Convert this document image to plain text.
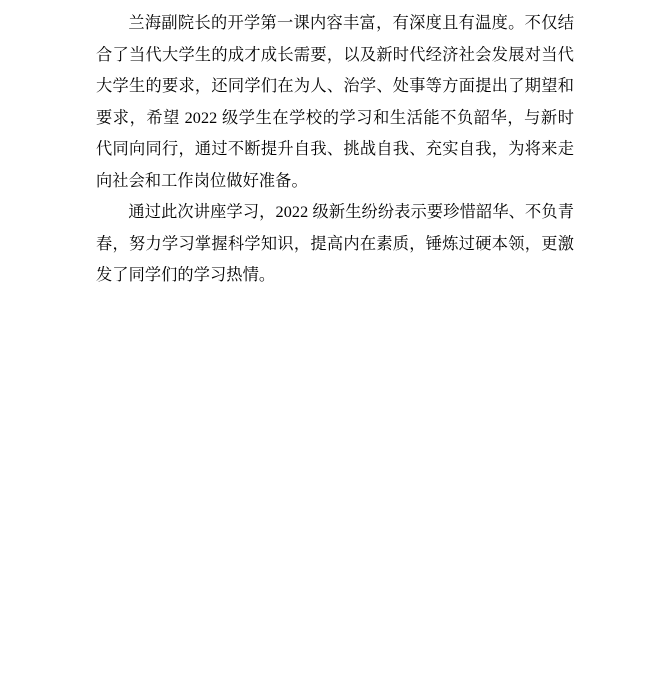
兰海副院长的开学第一课内容丰富，有深度且有温度。不仅结合了当代大学生的成才成长需要，以及新时代经济社会发展对当代大学生的要求，还同学们在为人、治学、处事等方面提出了期望和要求，希望 2022 级学生在学校的学习和生活能不负韶华，与新时代同向同行，通过不断提升自我、挑战自我、充实自我，为将来走向社会和工作岗位做好准备。

通过此次讲座学习，2022 级新生纷纷表示要珍惜韶华、不负青春，努力学习掌握科学知识，提高内在素质，锤炼过硬本领，更激发了同学们的学习热情。
